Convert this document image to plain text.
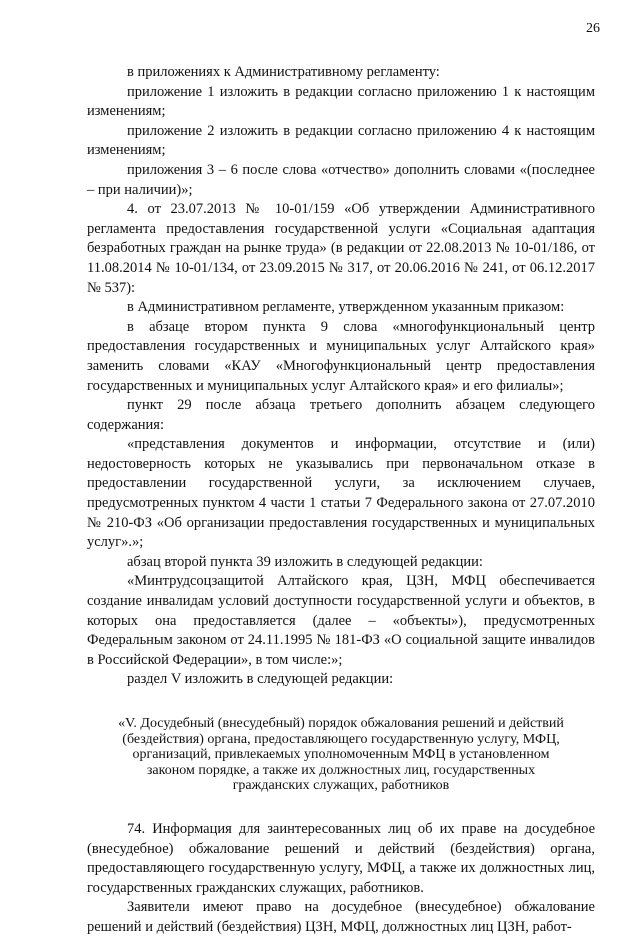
26

в приложениях к Административному регламенту:

приложение 1 изложить в редакции согласно приложению 1 к настоящим изменениям;

приложение 2 изложить в редакции согласно приложению 4 к настоящим изменениям;

приложения 3 – 6 после слова «отчество» дополнить словами «(последнее – при наличии)»;

4. от 23.07.2013 № 10-01/159 «Об утверждении Административного регламента предоставления государственной услуги «Социальная адаптация безработных граждан на рынке труда» (в редакции от 22.08.2013 № 10-01/186, от 11.08.2014 № 10-01/134, от 23.09.2015 № 317, от 20.06.2016 № 241, от 06.12.2017 № 537):

в Административном регламенте, утвержденном указанным приказом:

в абзаце втором пункта 9 слова «многофункциональный центр предоставления государственных и муниципальных услуг Алтайского края» заменить словами «КАУ «Многофункциональный центр предоставления государственных и муниципальных услуг Алтайского края» и его филиалы»;

пункт 29 после абзаца третьего дополнить абзацем следующего содержания:

«представления документов и информации, отсутствие и (или) недостоверность которых не указывались при первоначальном отказе в предоставлении государственной услуги, за исключением случаев, предусмотренных пунктом 4 части 1 статьи 7 Федерального закона от 27.07.2010 № 210-ФЗ «Об организации предоставления государственных и муниципальных услуг».»;

абзац второй пункта 39 изложить в следующей редакции:

«Минтрудсоцзащитой Алтайского края, ЦЗН, МФЦ обеспечивается создание инвалидам условий доступности государственной услуги и объектов, в которых она предоставляется (далее – «объекты»), предусмотренных Федеральным законом от 24.11.1995 № 181-ФЗ «О социальной защите инвалидов в Российской Федерации», в том числе:»;

раздел V изложить в следующей редакции:

«V. Досудебный (внесудебный) порядок обжалования решений и действий (бездействия) органа, предоставляющего государственную услугу, МФЦ, организаций, привлекаемых уполномоченным МФЦ в установленном законом порядке, а также их должностных лиц, государственных гражданских служащих, работников

74. Информация для заинтересованных лиц об их праве на досудебное (внесудебное) обжалование решений и действий (бездействия) органа, предоставляющего государственную услугу, МФЦ, а также их должностных лиц, государственных гражданских служащих, работников.

Заявители имеют право на досудебное (внесудебное) обжалование решений и действий (бездействия) ЦЗН, МФЦ, должностных лиц ЦЗН, работ-
